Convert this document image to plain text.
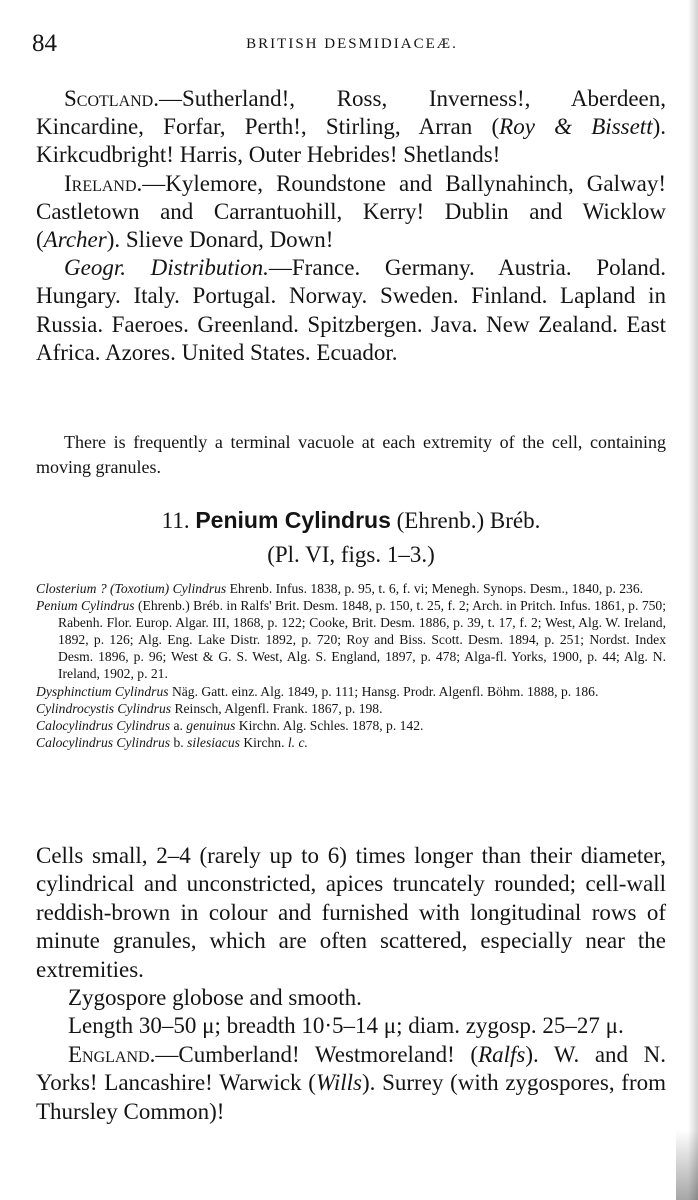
84	BRITISH DESMIDIACEÆ.

Scotland.—Sutherland!, Ross, Inverness!, Aberdeen, Kincardine, Forfar, Perth!, Stirling, Arran (Roy & Bissett). Kirkcudbright! Harris, Outer Hebrides! Shetlands!

Ireland.—Kylemore, Roundstone and Ballynahinch, Galway! Castletown and Carrantuohill, Kerry! Dublin and Wicklow (Archer). Slieve Donard, Down!

Geogr. Distribution.—France. Germany. Austria. Poland. Hungary. Italy. Portugal. Norway. Sweden. Finland. Lapland in Russia. Faeroes. Greenland. Spitzbergen. Java. New Zealand. East Africa. Azores. United States. Ecuador.

There is frequently a terminal vacuole at each extremity of the cell, containing moving granules.

11. Penium Cylindrus (Ehrenb.) Bréb.
(Pl. VI, figs. 1–3.)

Closterium ? (Toxotium) Cylindrus Ehrenb. Infus. 1838, p. 95, t. 6, f. vi; Menegh. Synops. Desm., 1840, p. 236.

Penium Cylindrus (Ehrenb.) Bréb. in Ralfs' Brit. Desm. 1848, p. 150, t. 25, f. 2; Arch. in Pritch. Infus. 1861, p. 750; Rabenh. Flor. Europ. Algar. III, 1868, p. 122; Cooke, Brit. Desm. 1886, p. 39, t. 17, f. 2; West, Alg. W. Ireland, 1892, p. 126; Alg. Eng. Lake Distr. 1892, p. 720; Roy and Biss. Scott. Desm. 1894, p. 251; Nordst. Index Desm. 1896, p. 96; West & G. S. West, Alg. S. England, 1897, p. 478; Alga-fl. Yorks, 1900, p. 44; Alg. N. Ireland, 1902, p. 21.

Dysphinctium Cylindrus Näg. Gatt. einz. Alg. 1849, p. 111; Hansg. Prodr. Algenfl. Böhm. 1888, p. 186.

Cylindrocystis Cylindrus Reinsch, Algenfl. Frank. 1867, p. 198.

Calocylindrus Cylindrus a. genuinus Kirchn. Alg. Schles. 1878, p. 142.

Calocylindrus Cylindrus b. silesiacus Kirchn. l. c.

Cells small, 2–4 (rarely up to 6) times longer than their diameter, cylindrical and unconstricted, apices truncately rounded; cell-wall reddish-brown in colour and furnished with longitudinal rows of minute granules, which are often scattered, especially near the extremities.

Zygospore globose and smooth.

Length 30–50 μ; breadth 10·5–14 μ; diam. zygosp. 25–27 μ.

England.—Cumberland! Westmoreland! (Ralfs). W. and N. Yorks! Lancashire! Warwick (Wills). Surrey (with zygospores, from Thursley Common)!
